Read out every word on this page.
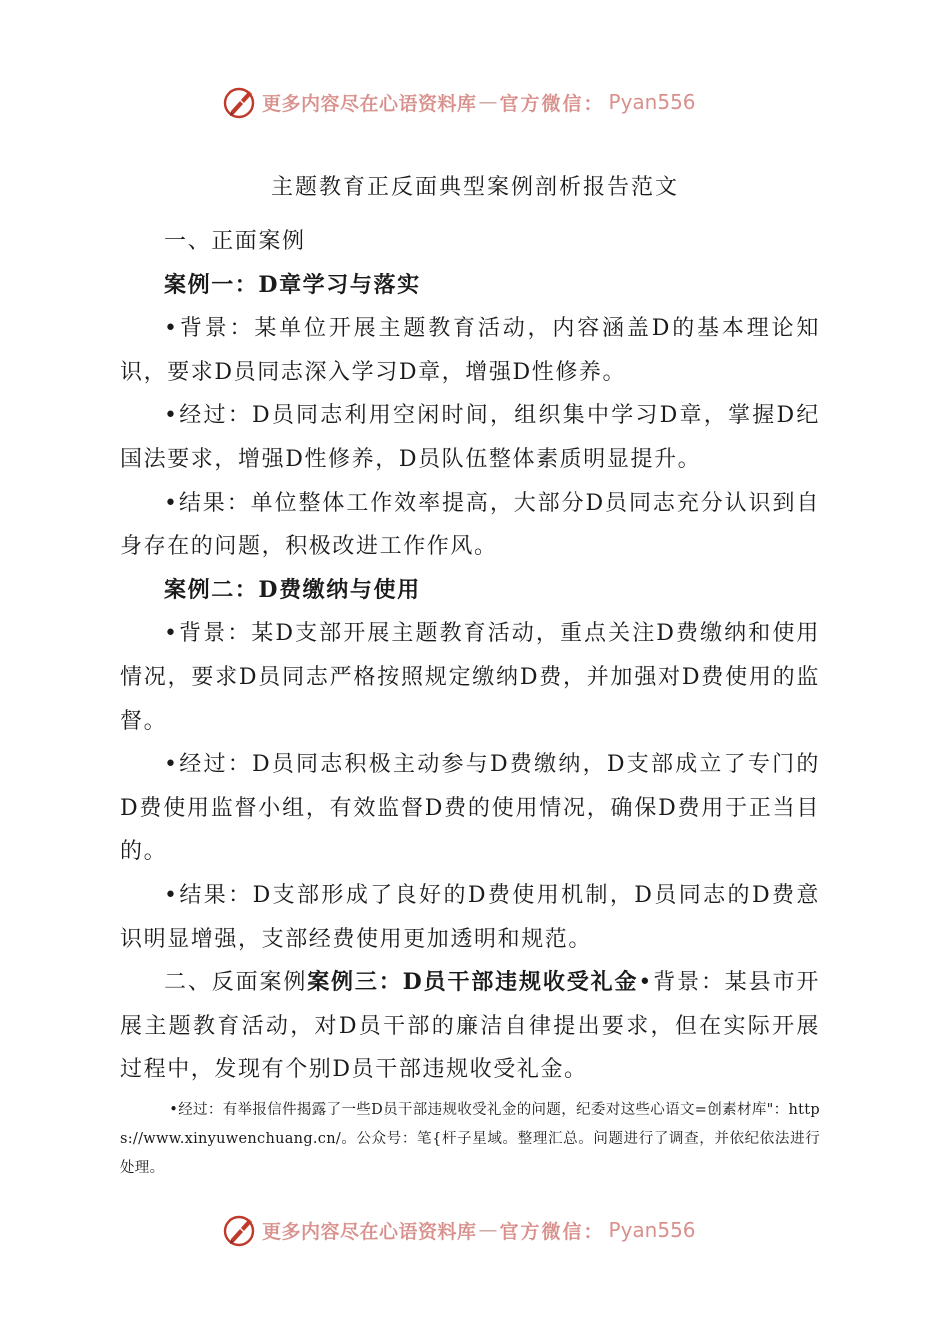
更多内容尽在心语资料库 — 官方微信： Pyan556
主题教育正反面典型案例剖析报告范文

一、正面案例

案例一：D章学习与落实

•背景：某单位开展主题教育活动，内容涵盖D的基本理论知识，要求D员同志深入学习D章，增强D性修养。

•经过：D员同志利用空闲时间，组织集中学习D章，掌握D纪国法要求，增强D性修养，D员队伍整体素质明显提升。

•结果：单位整体工作效率提高，大部分D员同志充分认识到自身存在的问题，积极改进工作作风。

案例二：D费缴纳与使用

•背景：某D支部开展主题教育活动，重点关注D费缴纳和使用情况，要求D员同志严格按照规定缴纳D费，并加强对D费使用的监督。

•经过：D员同志积极主动参与D费缴纳，D支部成立了专门的D费使用监督小组，有效监督D费的使用情况，确保D费用于正当目的。

•结果：D支部形成了良好的D费使用机制，D员同志的D费意识明显增强，支部经费使用更加透明和规范。

二、反面案例案例三：D员干部违规收受礼金•背景：某县市开展主题教育活动，对D员干部的廉洁自律提出要求，但在实际开展过程中，发现有个别D员干部违规收受礼金。

•经过：有举报信件揭露了一些D员干部违规收受礼金的问题，纪委对这些心语文=创素材库"：https://www.xinyuwenchuang.cn/。公众号：笔{杆子星域。整理汇总。问题进行了调查，并依纪依法进行处理。

更多内容尽在心语资料库 — 官方微信： Pyan556
